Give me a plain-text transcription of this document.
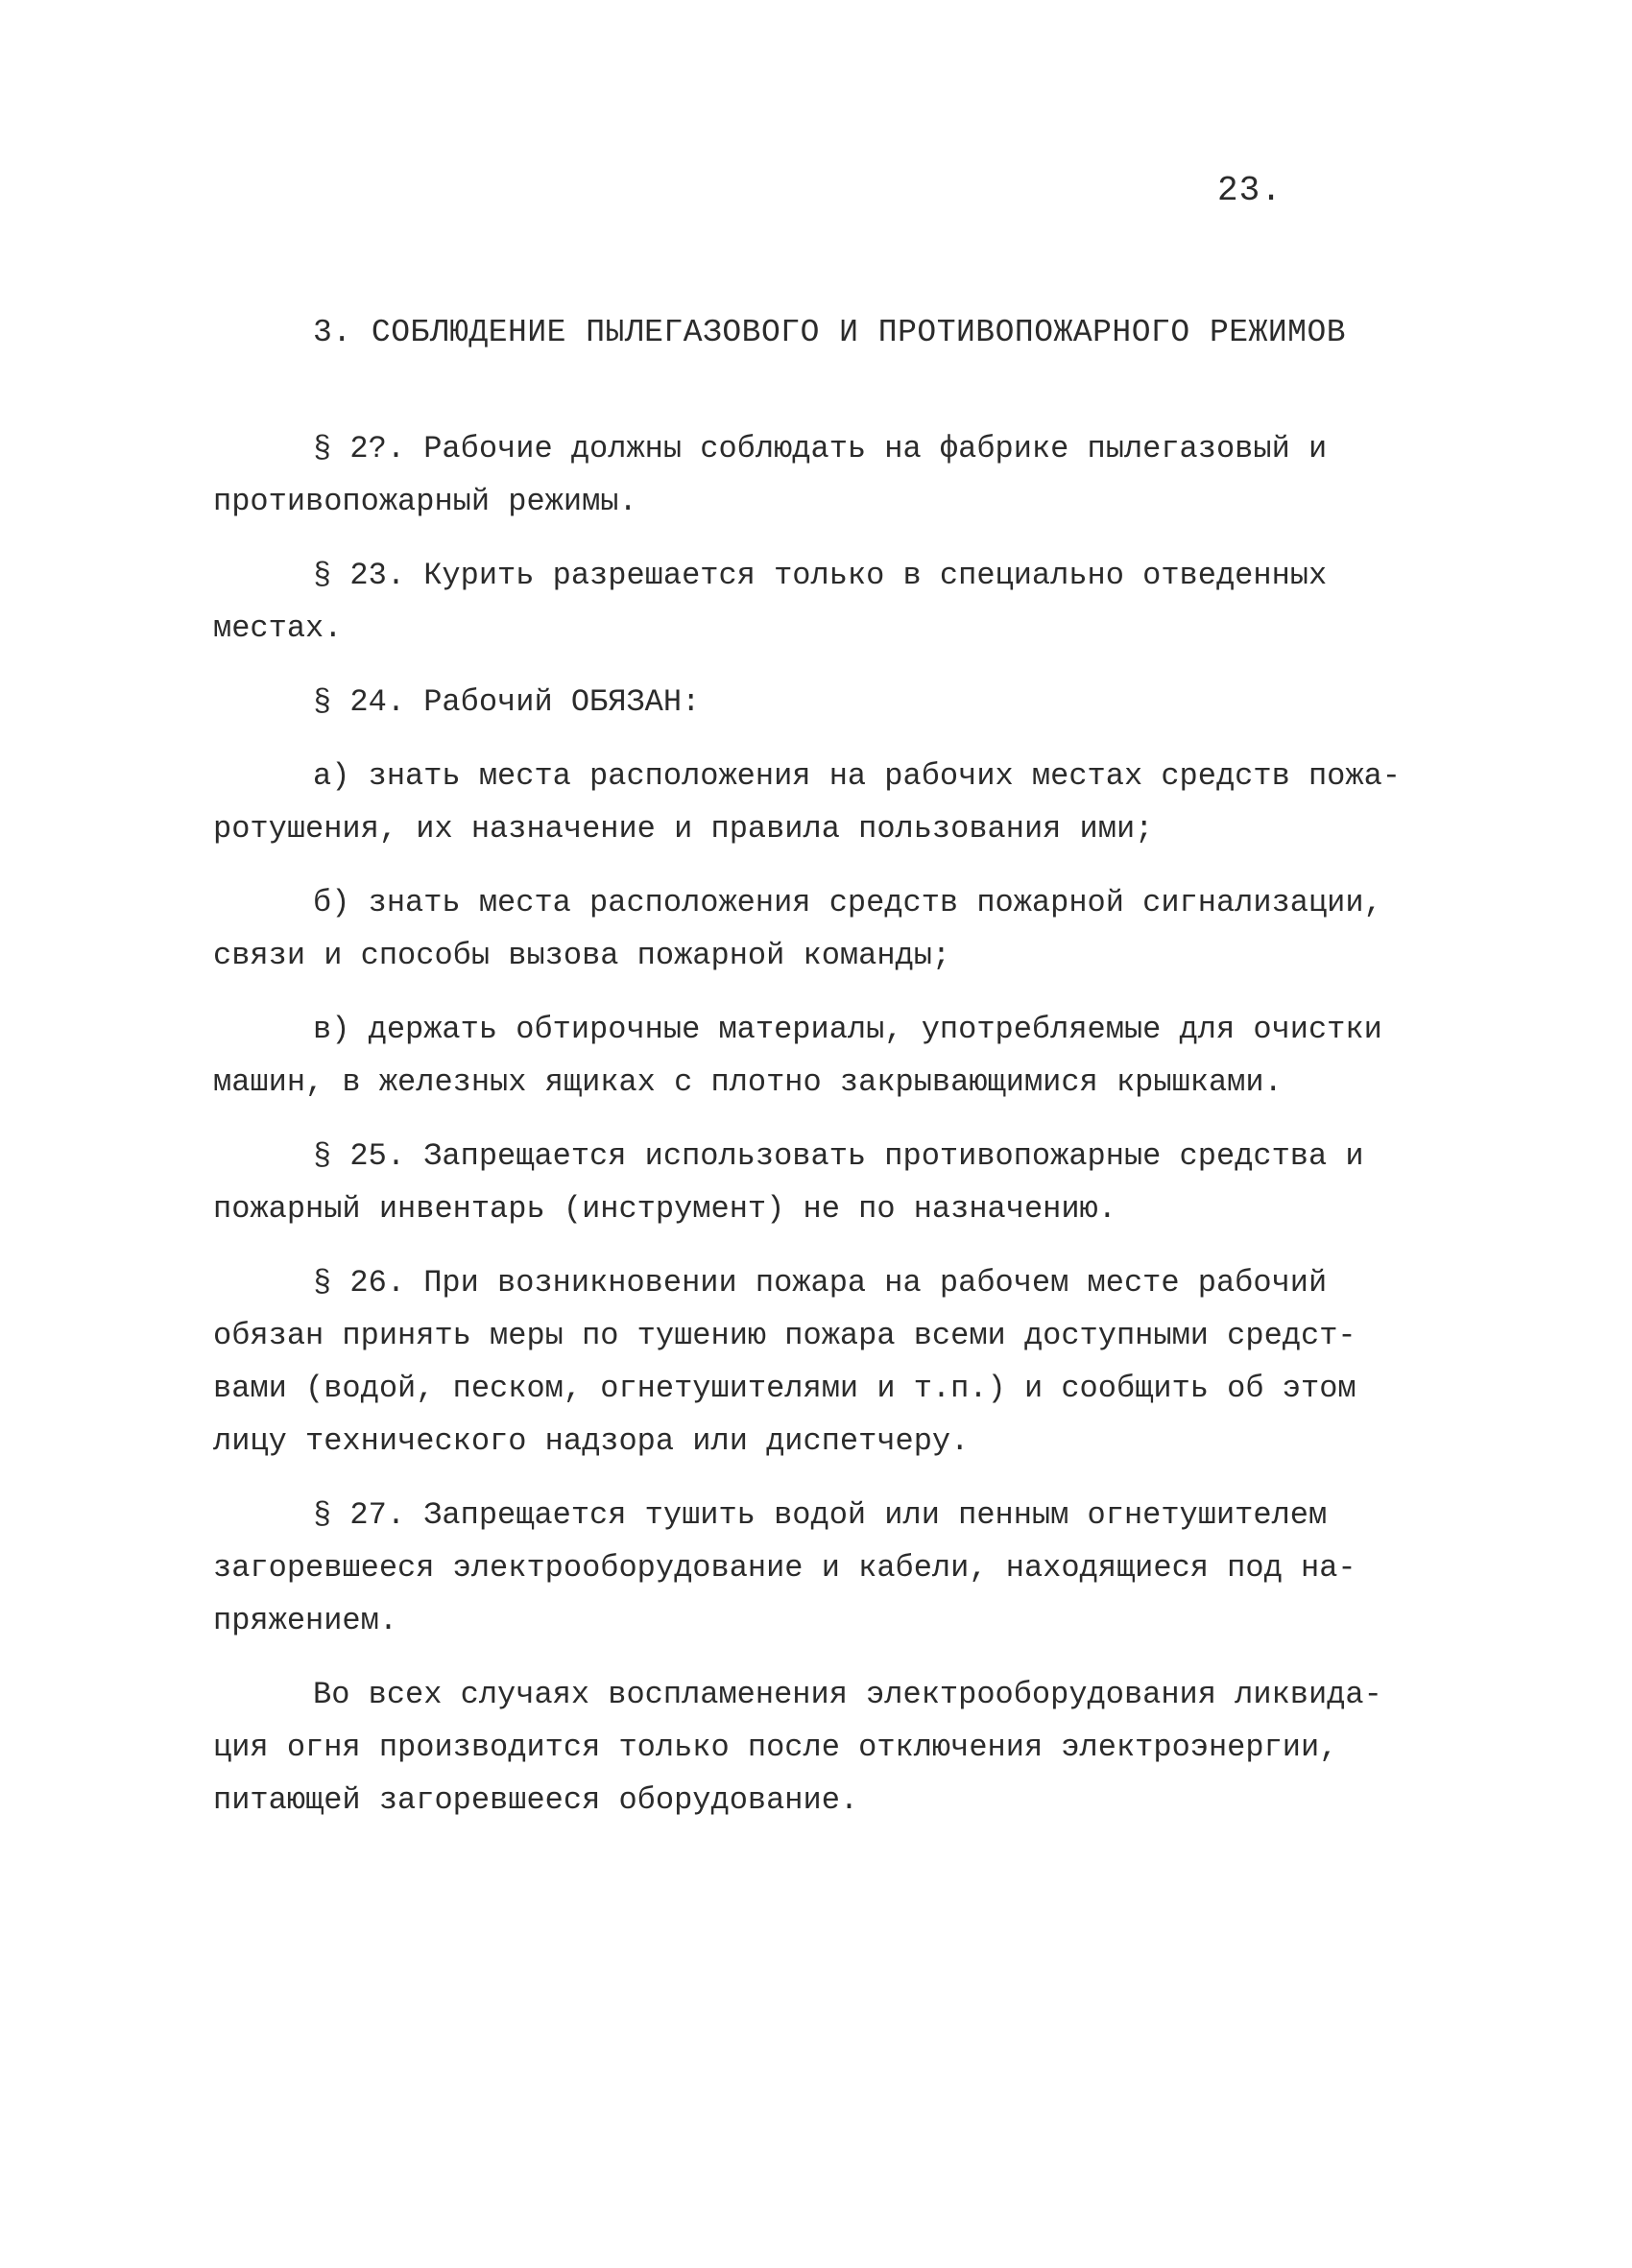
23.
3. СОБЛЮДЕНИЕ ПЫЛЕГАЗОВОГО И ПРОТИВОПОЖАРНОГО РЕЖИМОВ
§ 2?. Рабочие должны соблюдать на фабрике пылегазовый и
противопожарный режимы.
§ 23. Курить разрешается только в специально отведенных
местах.
§ 24. Рабочий ОБЯЗАН:
а) знать места расположения на рабочих местах средств пожа-
ротушения, их назначение и правила пользования ими;
б) знать места расположения средств пожарной сигнализации,
связи и способы вызова пожарной команды;
в) держать обтирочные материалы, употребляемые для очистки
машин, в железных ящиках с плотно закрывающимися крышками.
§ 25. Запрещается использовать противопожарные средства и
пожарный инвентарь (инструмент) не по назначению.
§ 26. При возникновении пожара на рабочем месте рабочий
обязан принять меры по тушению пожара всеми доступными средст-
вами (водой, песком, огнетушителями и т.п.) и сообщить об этом
лицу технического надзора или диспетчеру.
§ 27. Запрещается тушить водой или пенным огнетушителем
загоревшееся электрооборудование и кабели, находящиеся под на-
пряжением.
Во всех случаях воспламенения электрооборудования ликвида-
ция огня производится только после отключения электроэнергии,
питающей загоревшееся оборудование.
